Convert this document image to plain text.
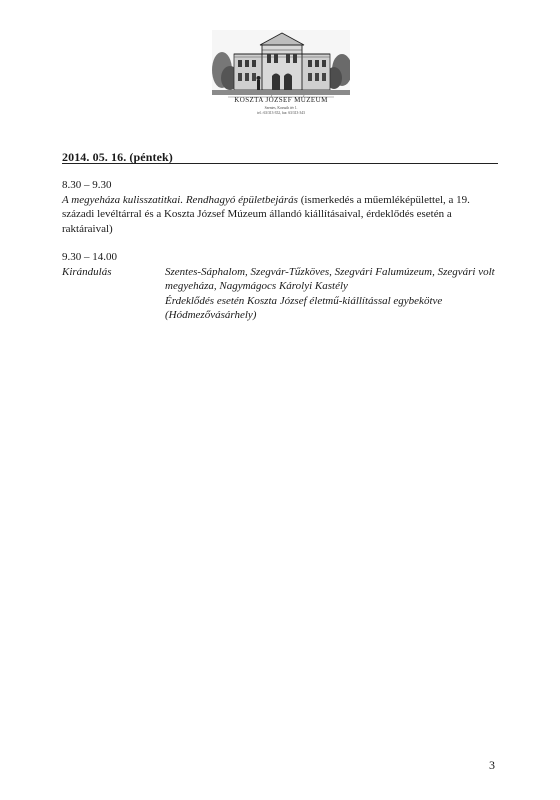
KOSZTA JÓZSEF MÚZEUM
Szentes, Kossuth tér 1.
tel.: 63/313-352, fax: 63/313-343
2014. 05. 16. (péntek)

8.30 – 9.30

A megyeháza kulisszatitkai. Rendhagyó épületbejárás (ismerkedés a műemléképülettel, a 19. századi levéltárral és a Koszta József Múzeum állandó kiállításaival, érdeklődés esetén a raktáraival)

9.30 – 14.00

Kirándulás	Szentes-Sáphalom, Szegvár-Tűzköves, Szegvári Falumúzeum, Szegvári volt megyeháza, Nagymágocs Károlyi Kastély
Érdeklődés esetén Koszta József életmű-kiállítással egybekötve (Hódmezővásárhely)
3
